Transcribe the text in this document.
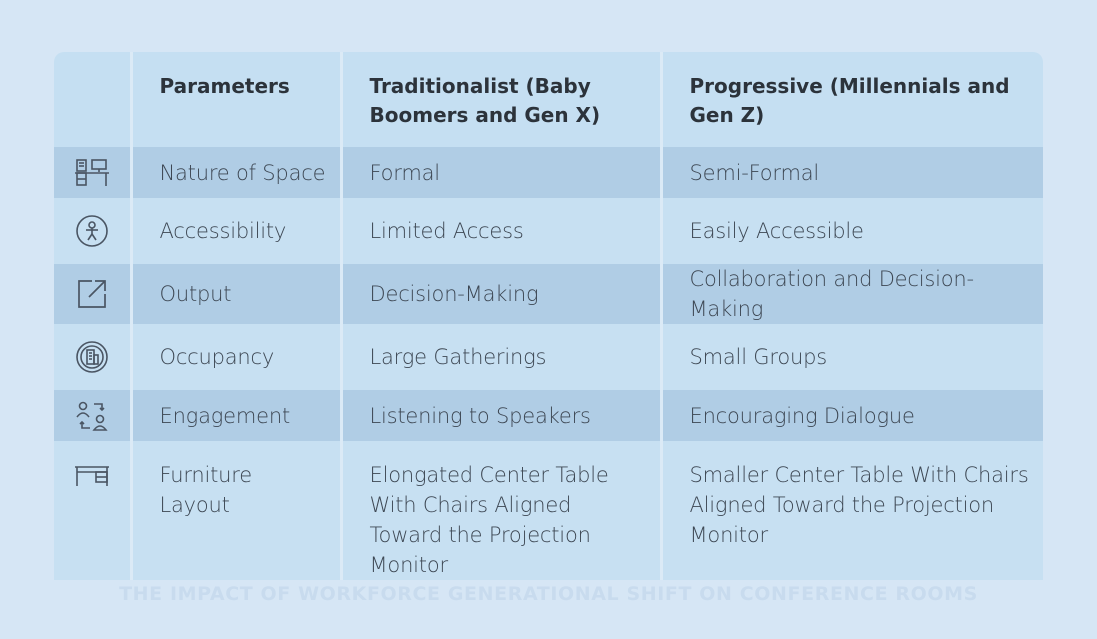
	Parameters	Traditionalist (Baby Boomers and Gen X)	Progressive (Millennials and Gen Z)

Nature of Space	Formal	Semi-Formal

Accessibility	Limited Access	Easily Accessible

Output	Decision-Making	Collaboration and Decision-Making

Occupancy	Large Gatherings	Small Groups

Engagement	Listening to Speakers	Encouraging Dialogue

Furniture Layout	Elongated Center Table With Chairs Aligned Toward the Projection Monitor	Smaller Center Table With Chairs Aligned Toward the Projection Monitor
THE IMPACT OF WORKFORCE GENERATIONAL SHIFT ON CONFERENCE ROOMS
